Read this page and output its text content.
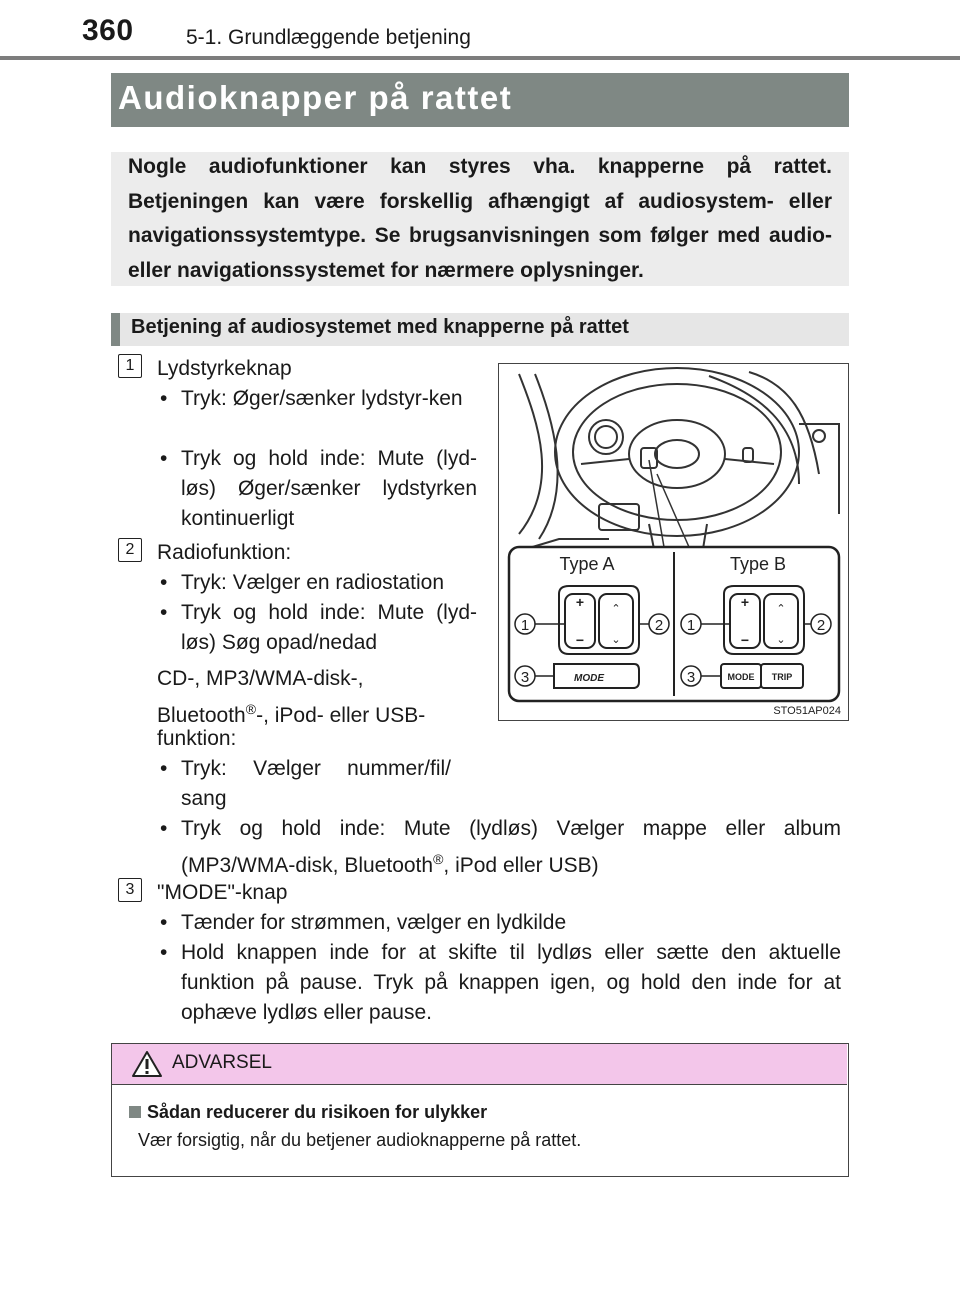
360 5-1. Grundlæggende betjening
Audioknapper på rattet
Nogle audiofunktioner kan styres vha. knapperne på rattet. Betjeningen kan være forskellig afhængigt af audiosystem- eller navigationssystemtype. Se brugsanvisningen som følger med audio- eller navigationssystemet for nærmere oplysninger.
Betjening af audiosystemet med knapperne på rattet
1	Lydstyrkeknap
• Tryk: Øger/sænker lydstyr-ken
• Tryk og hold inde: Mute (lyd-løs) Øger/sænker lydstyrken kontinuerligt
2	Radiofunktion:
• Tryk: Vælger en radiostation
• Tryk og hold inde: Mute (lyd-løs) Søg opad/nedad
CD-, MP3/WMA-disk-,
Bluetooth®-, iPod- eller USB-
funktion:
• Tryk: Vælger nummer/fil/ sang
• Tryk og hold inde: Mute (lydløs) Vælger mappe eller album (MP3/WMA-disk, Bluetooth®, iPod eller USB)
3	"MODE"-knap
• Tænder for strømmen, vælger en lydkilde
• Hold knappen inde for at skifte til lydløs eller sætte den aktuelle funktion på pause. Tryk på knappen igen, og hold den inde for at ophæve lydløs eller pause.
Type A	Type B
+
−
⌃
⌄
MODE
1	2
3
+
−
⌃
⌄
MODE TRIP
1	2
3
STO51AP024
ADVARSEL
Sådan reducerer du risikoen for ulykker
Vær forsigtig, når du betjener audioknapperne på rattet.
